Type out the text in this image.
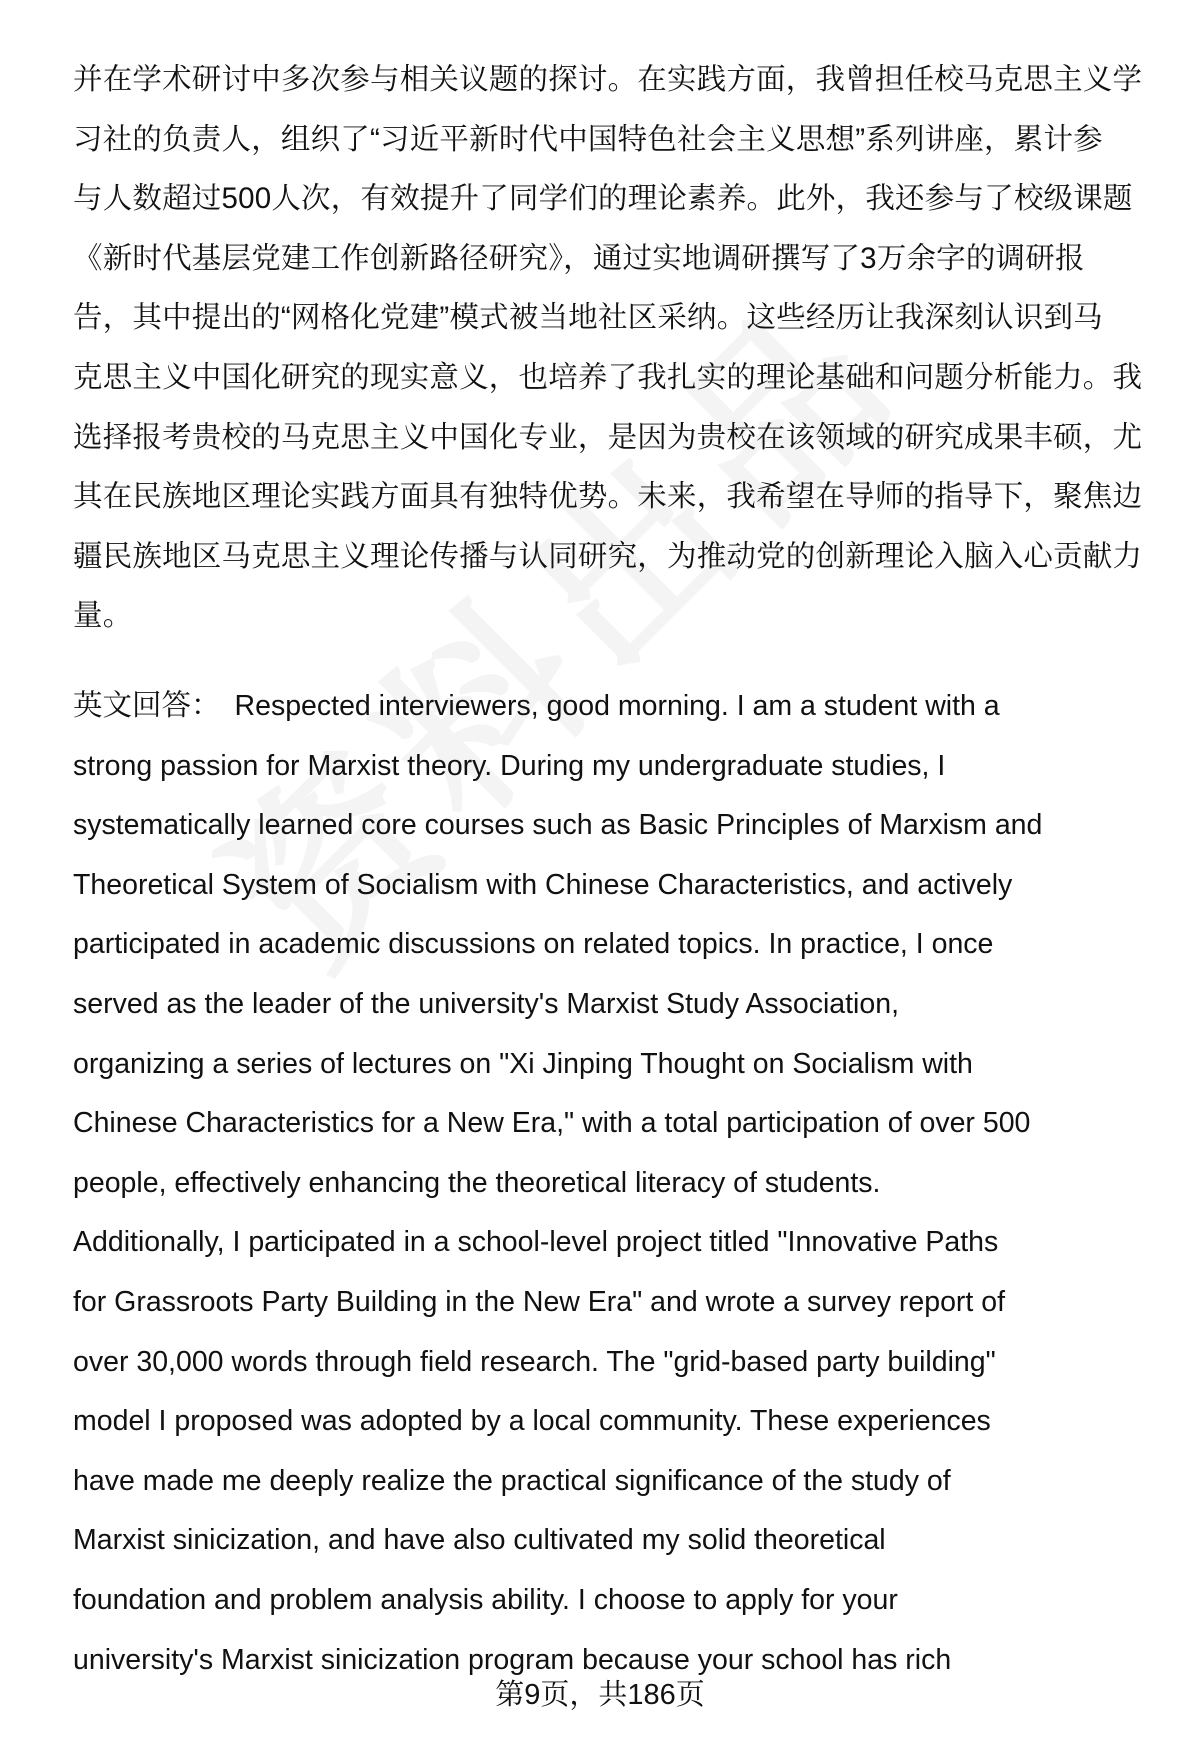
并在学术研讨中多次参与相关议题的探讨。在实践方面，我曾担任校马克思主义学
习社的负责人，组织了“习近平新时代中国特色社会主义思想”系列讲座，累计参
与人数超过500人次，有效提升了同学们的理论素养。此外，我还参与了校级课题
《新时代基层党建工作创新路径研究》，通过实地调研撰写了3万余字的调研报
告，其中提出的“网格化党建”模式被当地社区采纳。这些经历让我深刻认识到马
克思主义中国化研究的现实意义，也培养了我扎实的理论基础和问题分析能力。我
选择报考贵校的马克思主义中国化专业，是因为贵校在该领域的研究成果丰硕，尤
其在民族地区理论实践方面具有独特优势。未来，我希望在导师的指导下，聚焦边
疆民族地区马克思主义理论传播与认同研究，为推动党的创新理论入脑入心贡献力
量。
英文回答： Respected interviewers, good morning. I am a student with a
strong passion for Marxist theory. During my undergraduate studies, I
systematically learned core courses such as Basic Principles of Marxism and
Theoretical System of Socialism with Chinese Characteristics, and actively
participated in academic discussions on related topics. In practice, I once
served as the leader of the university's Marxist Study Association,
organizing a series of lectures on "Xi Jinping Thought on Socialism with
Chinese Characteristics for a New Era," with a total participation of over 500
people, effectively enhancing the theoretical literacy of students.
Additionally, I participated in a school-level project titled "Innovative Paths
for Grassroots Party Building in the New Era" and wrote a survey report of
over 30,000 words through field research. The "grid-based party building"
model I proposed was adopted by a local community. These experiences
have made me deeply realize the practical significance of the study of
Marxist sinicization, and have also cultivated my solid theoretical
foundation and problem analysis ability. I choose to apply for your
university's Marxist sinicization program because your school has rich
第9页，共186页
